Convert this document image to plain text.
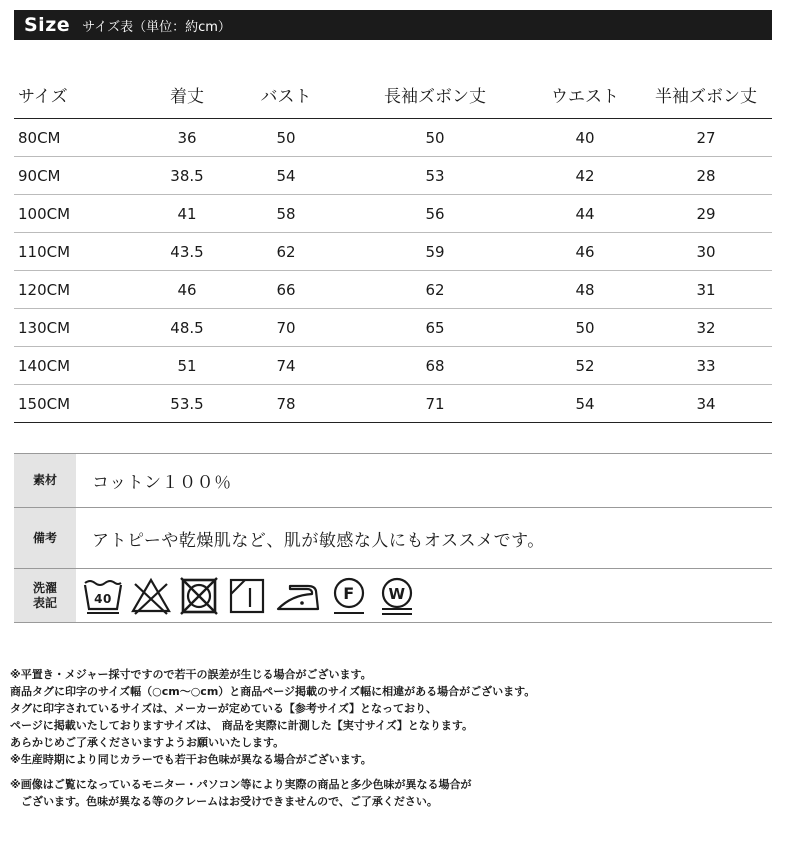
Size サイズ表（単位：約cm）
サイズ	着丈	バスト	長袖ズボン丈	ウエスト	半袖ズボン丈
80CM	36	50	50	40	27
90CM	38.5	54	53	42	28
100CM	41	58	56	44	29
110CM	43.5	62	59	46	30
120CM	46	66	62	48	31
130CM	48.5	70	65	50	32
140CM	51	74	68	52	33
150CM	53.5	78	71	54	34
素材	コットン１００％
備考	アトピーや乾燥肌など、肌が敏感な人にもオススメです。
洗濯
表記	40	F W

※平置き・メジャー採寸ですので若干の誤差が生じる場合がございます。

商品タグに印字のサイズ幅（○cm～○cm）と商品ページ掲載のサイズ幅に相違がある場合がございます。

タグに印字されているサイズは、メーカーが定めている【参考サイズ】となっており、

ページに掲載いたしておりますサイズは、 商品を実際に計測した【実寸サイズ】となります。

あらかじめご了承くださいますようお願いいたします。

※生産時期により同じカラーでも若干お色味が異なる場合がございます。

※画像はご覧になっているモニター・パソコン等により実際の商品と多少色味が異なる場合が

　ございます。色味が異なる等のクレームはお受けできませんので、ご了承ください。
